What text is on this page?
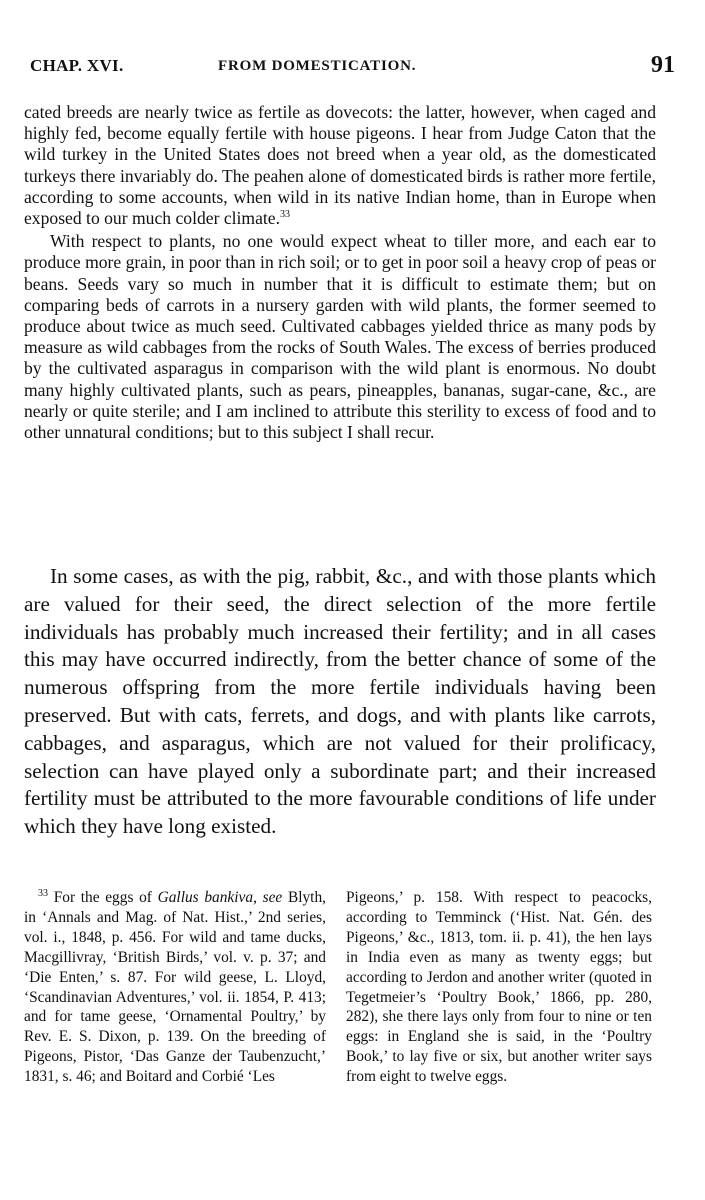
CHAP. XVI.	FROM DOMESTICATION.	91

cated breeds are nearly twice as fertile as dovecots: the latter, however, when caged and highly fed, become equally fertile with house pigeons. I hear from Judge Caton that the wild turkey in the United States does not breed when a year old, as the domesticated turkeys there invariably do. The peahen alone of domesticated birds is rather more fertile, according to some accounts, when wild in its native Indian home, than in Europe when exposed to our much colder climate.$^{33}$

With respect to plants, no one would expect wheat to tiller more, and each ear to produce more grain, in poor than in rich soil; or to get in poor soil a heavy crop of peas or beans. Seeds vary so much in number that it is difficult to estimate them; but on comparing beds of carrots in a nursery garden with wild plants, the former seemed to produce about twice as much seed. Cultivated cabbages yielded thrice as many pods by measure as wild cabbages from the rocks of South Wales. The excess of berries produced by the cultivated asparagus in comparison with the wild plant is enormous. No doubt many highly cultivated plants, such as pears, pineapples, bananas, sugar-cane, &c., are nearly or quite sterile; and I am inclined to attribute this sterility to excess of food and to other unnatural conditions; but to this subject I shall recur.

In some cases, as with the pig, rabbit, &c., and with those plants which are valued for their seed, the direct selection of the more fertile individuals has probably much increased their fertility; and in all cases this may have occurred indirectly, from the better chance of some of the numerous offspring from the more fertile individuals having been preserved. But with cats, ferrets, and dogs, and with plants like carrots, cabbages, and asparagus, which are not valued for their prolificacy, selection can have played only a subordinate part; and their increased fertility must be attributed to the more favourable conditions of life under which they have long existed.

$^{33}$ For the eggs of Gallus bankiva, see Blyth, in ‘Annals and Mag. of Nat. Hist.,’ 2nd series, vol. i., 1848, p. 456. For wild and tame ducks, Macgillivray, ‘British Birds,’ vol. v. p. 37; and ‘Die Enten,’ s. 87. For wild geese, L. Lloyd, ‘Scandinavian Adventures,’ vol. ii. 1854, P. 413; and for tame geese, ‘Ornamental Poultry,’ by Rev. E. S. Dixon, p. 139. On the breeding of Pigeons, Pistor, ‘Das Ganze der Taubenzucht,’ 1831, s. 46; and Boitard and Corbié ‘Les

Pigeons,’ p. 158. With respect to peacocks, according to Temminck (‘Hist. Nat. Gén. des Pigeons,’ &c., 1813, tom. ii. p. 41), the hen lays in India even as many as twenty eggs; but according to Jerdon and another writer (quoted in Tegetmeier’s ‘Poultry Book,’ 1866, pp. 280, 282), she there lays only from four to nine or ten eggs: in England she is said, in the ‘Poultry Book,’ to lay five or six, but another writer says from eight to twelve eggs.
